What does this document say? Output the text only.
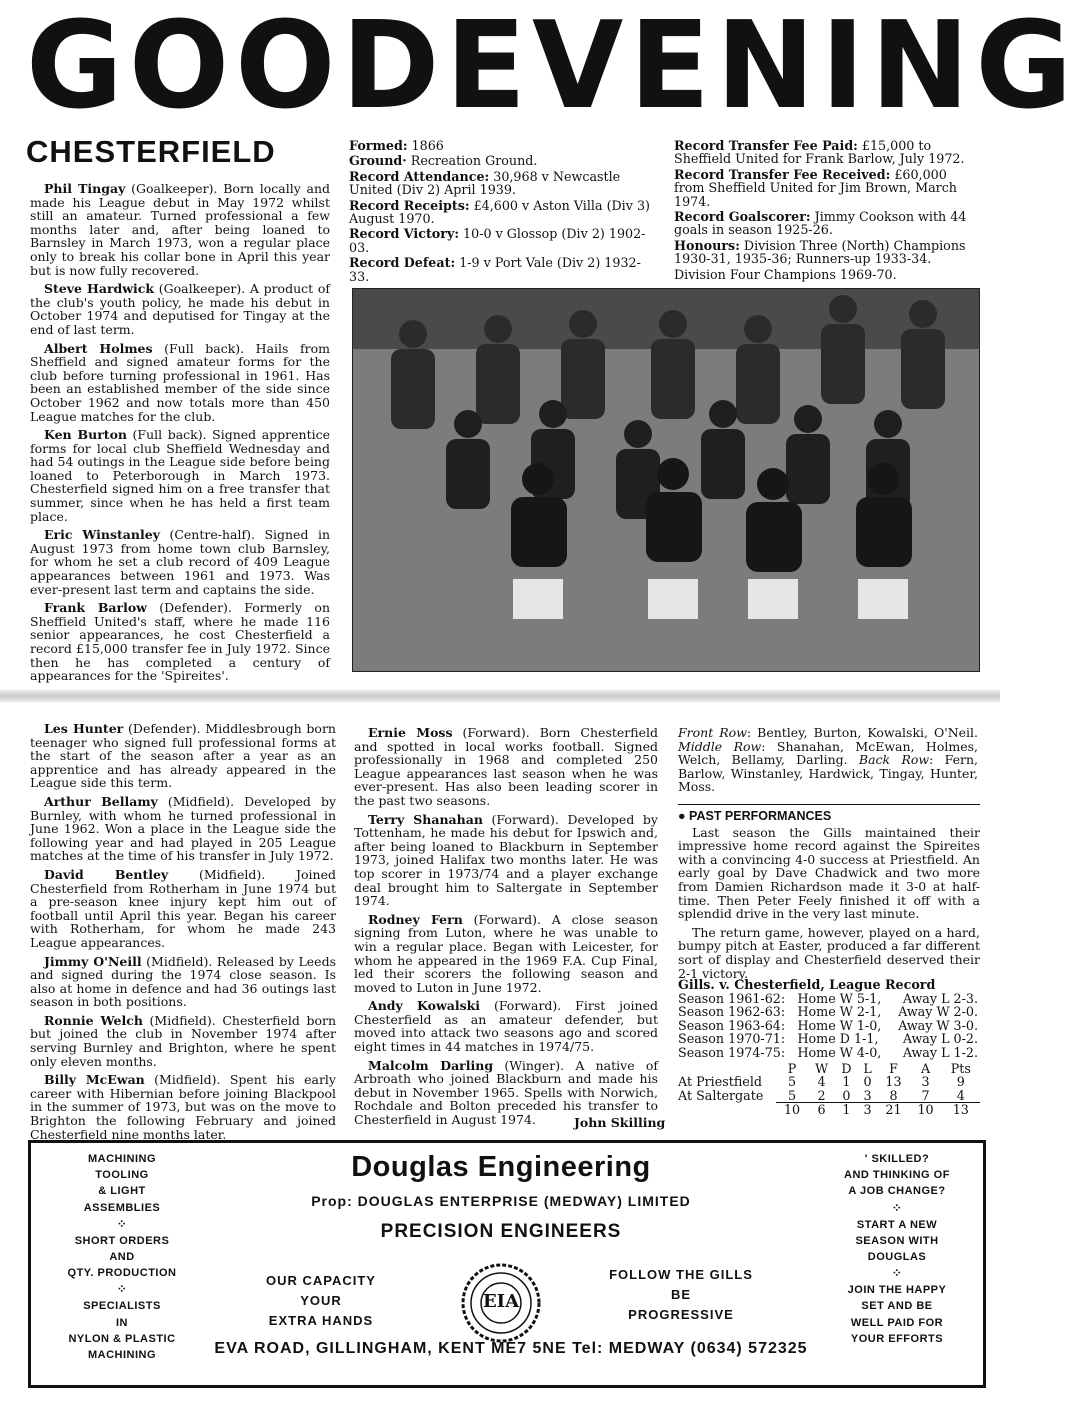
GOOD EVENING
CHESTERFIELD

Phil Tingay (Goalkeeper). Born locally and made his League debut in May 1972 whilst still an amateur. Turned professional a few months later and, after being loaned to Barnsley in March 1973, won a regular place only to break his collar bone in April this year but is now fully recovered.

Steve Hardwick (Goalkeeper). A product of the club's youth policy, he made his debut in October 1974 and deputised for Tingay at the end of last term.

Albert Holmes (Full back). Hails from Sheffield and signed amateur forms for the club before turning professional in 1961. Has been an established member of the side since October 1962 and now totals more than 450 League matches for the club.

Ken Burton (Full back). Signed apprentice forms for local club Sheffield Wednesday and had 54 outings in the League side before being loaned to Peterborough in March 1973. Chesterfield signed him on a free transfer that summer, since when he has held a first team place.

Eric Winstanley (Centre-half). Signed in August 1973 from home town club Barnsley, for whom he set a club record of 409 League appearances between 1961 and 1973. Was ever-present last term and captains the side.

Frank Barlow (Defender). Formerly on Sheffield United's staff, where he made 116 senior appearances, he cost Chesterfield a record £15,000 transfer fee in July 1972. Since then he has completed a century of appearances for the 'Spireites'.

Formed: 1866

Ground· Recreation Ground.

Record Attendance: 30,968 v Newcastle United (Div 2) April 1939.

Record Receipts: £4,600 v Aston Villa (Div 3) August 1970.

Record Victory: 10-0 v Glossop (Div 2) 1902-03.

Record Defeat: 1-9 v Port Vale (Div 2) 1932-33.

Record Transfer Fee Paid: £15,000 to Sheffield United for Frank Barlow, July 1972.

Record Transfer Fee Received: £60,000 from Sheffield United for Jim Brown, March 1974.

Record Goalscorer: Jimmy Cookson with 44 goals in season 1925-26.

Honours: Division Three (North) Champions 1930-31, 1935-36; Runners-up 1933-34.

Division Four Champions 1969-70.

Les Hunter (Defender). Middlesbrough born teenager who signed full professional forms at the start of the season after a year as an apprentice and has already appeared in the League side this term.

Arthur Bellamy (Midfield). Developed by Burnley, with whom he turned professional in June 1962. Won a place in the League side the following year and had played in 205 League matches at the time of his transfer in July 1972.

David Bentley (Midfield). Joined Chesterfield from Rotherham in June 1974 but a pre-season knee injury kept him out of football until April this year. Began his career with Rotherham, for whom he made 243 League appearances.

Jimmy O'Neill (Midfield). Released by Leeds and signed during the 1974 close season. Is also at home in defence and had 36 outings last season in both positions.

Ronnie Welch (Midfield). Chesterfield born but joined the club in November 1974 after serving Burnley and Brighton, where he spent only eleven months.

Billy McEwan (Midfield). Spent his early career with Hibernian before joining Blackpool in the summer of 1973, but was on the move to Brighton the following February and joined Chesterfield nine months later.

Ernie Moss (Forward). Born Chesterfield and spotted in local works football. Signed professionally in 1968 and completed 250 League appearances last season when he was ever-present. Has also been leading scorer in the past two seasons.

Terry Shanahan (Forward). Developed by Tottenham, he made his debut for Ipswich and, after being loaned to Blackburn in September 1973, joined Halifax two months later. He was top scorer in 1973/74 and a player exchange deal brought him to Saltergate in September 1974.

Rodney Fern (Forward). A close season signing from Luton, where he was unable to win a regular place. Began with Leicester, for whom he appeared in the 1969 F.A. Cup Final, led their scorers the following season and moved to Luton in June 1972.

Andy Kowalski (Forward). First joined Chesterfield as an amateur defender, but moved into attack two seasons ago and scored eight times in 44 matches in 1974/75.

Malcolm Darling (Winger). A native of Arbroath who joined Blackburn and made his debut in November 1965. Spells with Norwich, Rochdale and Bolton preceded his transfer to Chesterfield in August 1974.	John Skilling
Front Row: Bentley, Burton, Kowalski, O'Neil. Middle Row: Shanahan, McEwan, Holmes, Welch, Bellamy, Darling. Back Row: Fern, Barlow, Winstanley, Hardwick, Tingay, Hunter, Moss.
● PAST PERFORMANCES

Last season the Gills maintained their impressive home record against the Spireites with a convincing 4-0 success at Priestfield. An early goal by Dave Chadwick and two more from Damien Richardson made it 3-0 at half-time. Then Peter Feely finished it off with a splendid drive in the very last minute.

The return game, however, played on a hard, bumpy pitch at Easter, produced a far different sort of display and Chesterfield deserved their 2-1 victory.

Gills. v. Chesterfield, League Record
Season 1961-62:	Home W 5-1,	Away L 2-3.
Season 1962-63:	Home W 2-1,	Away W 2-0.
Season 1963-64:	Home W 1-0,	Away W 3-0.
Season 1970-71:	Home D 1-1,	Away L 0-2.
Season 1974-75:	Home W 4-0,	Away L 1-2.
	P	W	D	L	F	A	Pts
At Priestfield	5	4	1	0	13	3	9
At Saltergate	5	2	0	3	8	7	4
	10	6	1	3	21	10	13
MACHINING
TOOLING
& LIGHT
ASSEMBLIES
⁘
SHORT ORDERS
AND
QTY. PRODUCTION
⁘
SPECIALISTS
IN
NYLON & PLASTIC
MACHINING
Douglas Engineering
Prop: DOUGLAS ENTERPRISE (MEDWAY) LIMITED
PRECISION ENGINEERS
OUR CAPACITY
YOUR
EXTRA HANDS
EIA
FOLLOW THE GILLS
BE
PROGRESSIVE
EVA ROAD, GILLINGHAM, KENT ME7 5NE Tel: MEDWAY (0634) 572325
' SKILLED?
AND THINKING OF
A JOB CHANGE?
⁘
START A NEW
SEASON WITH
DOUGLAS
⁘
JOIN THE HAPPY
SET AND BE
WELL PAID FOR
YOUR EFFORTS
